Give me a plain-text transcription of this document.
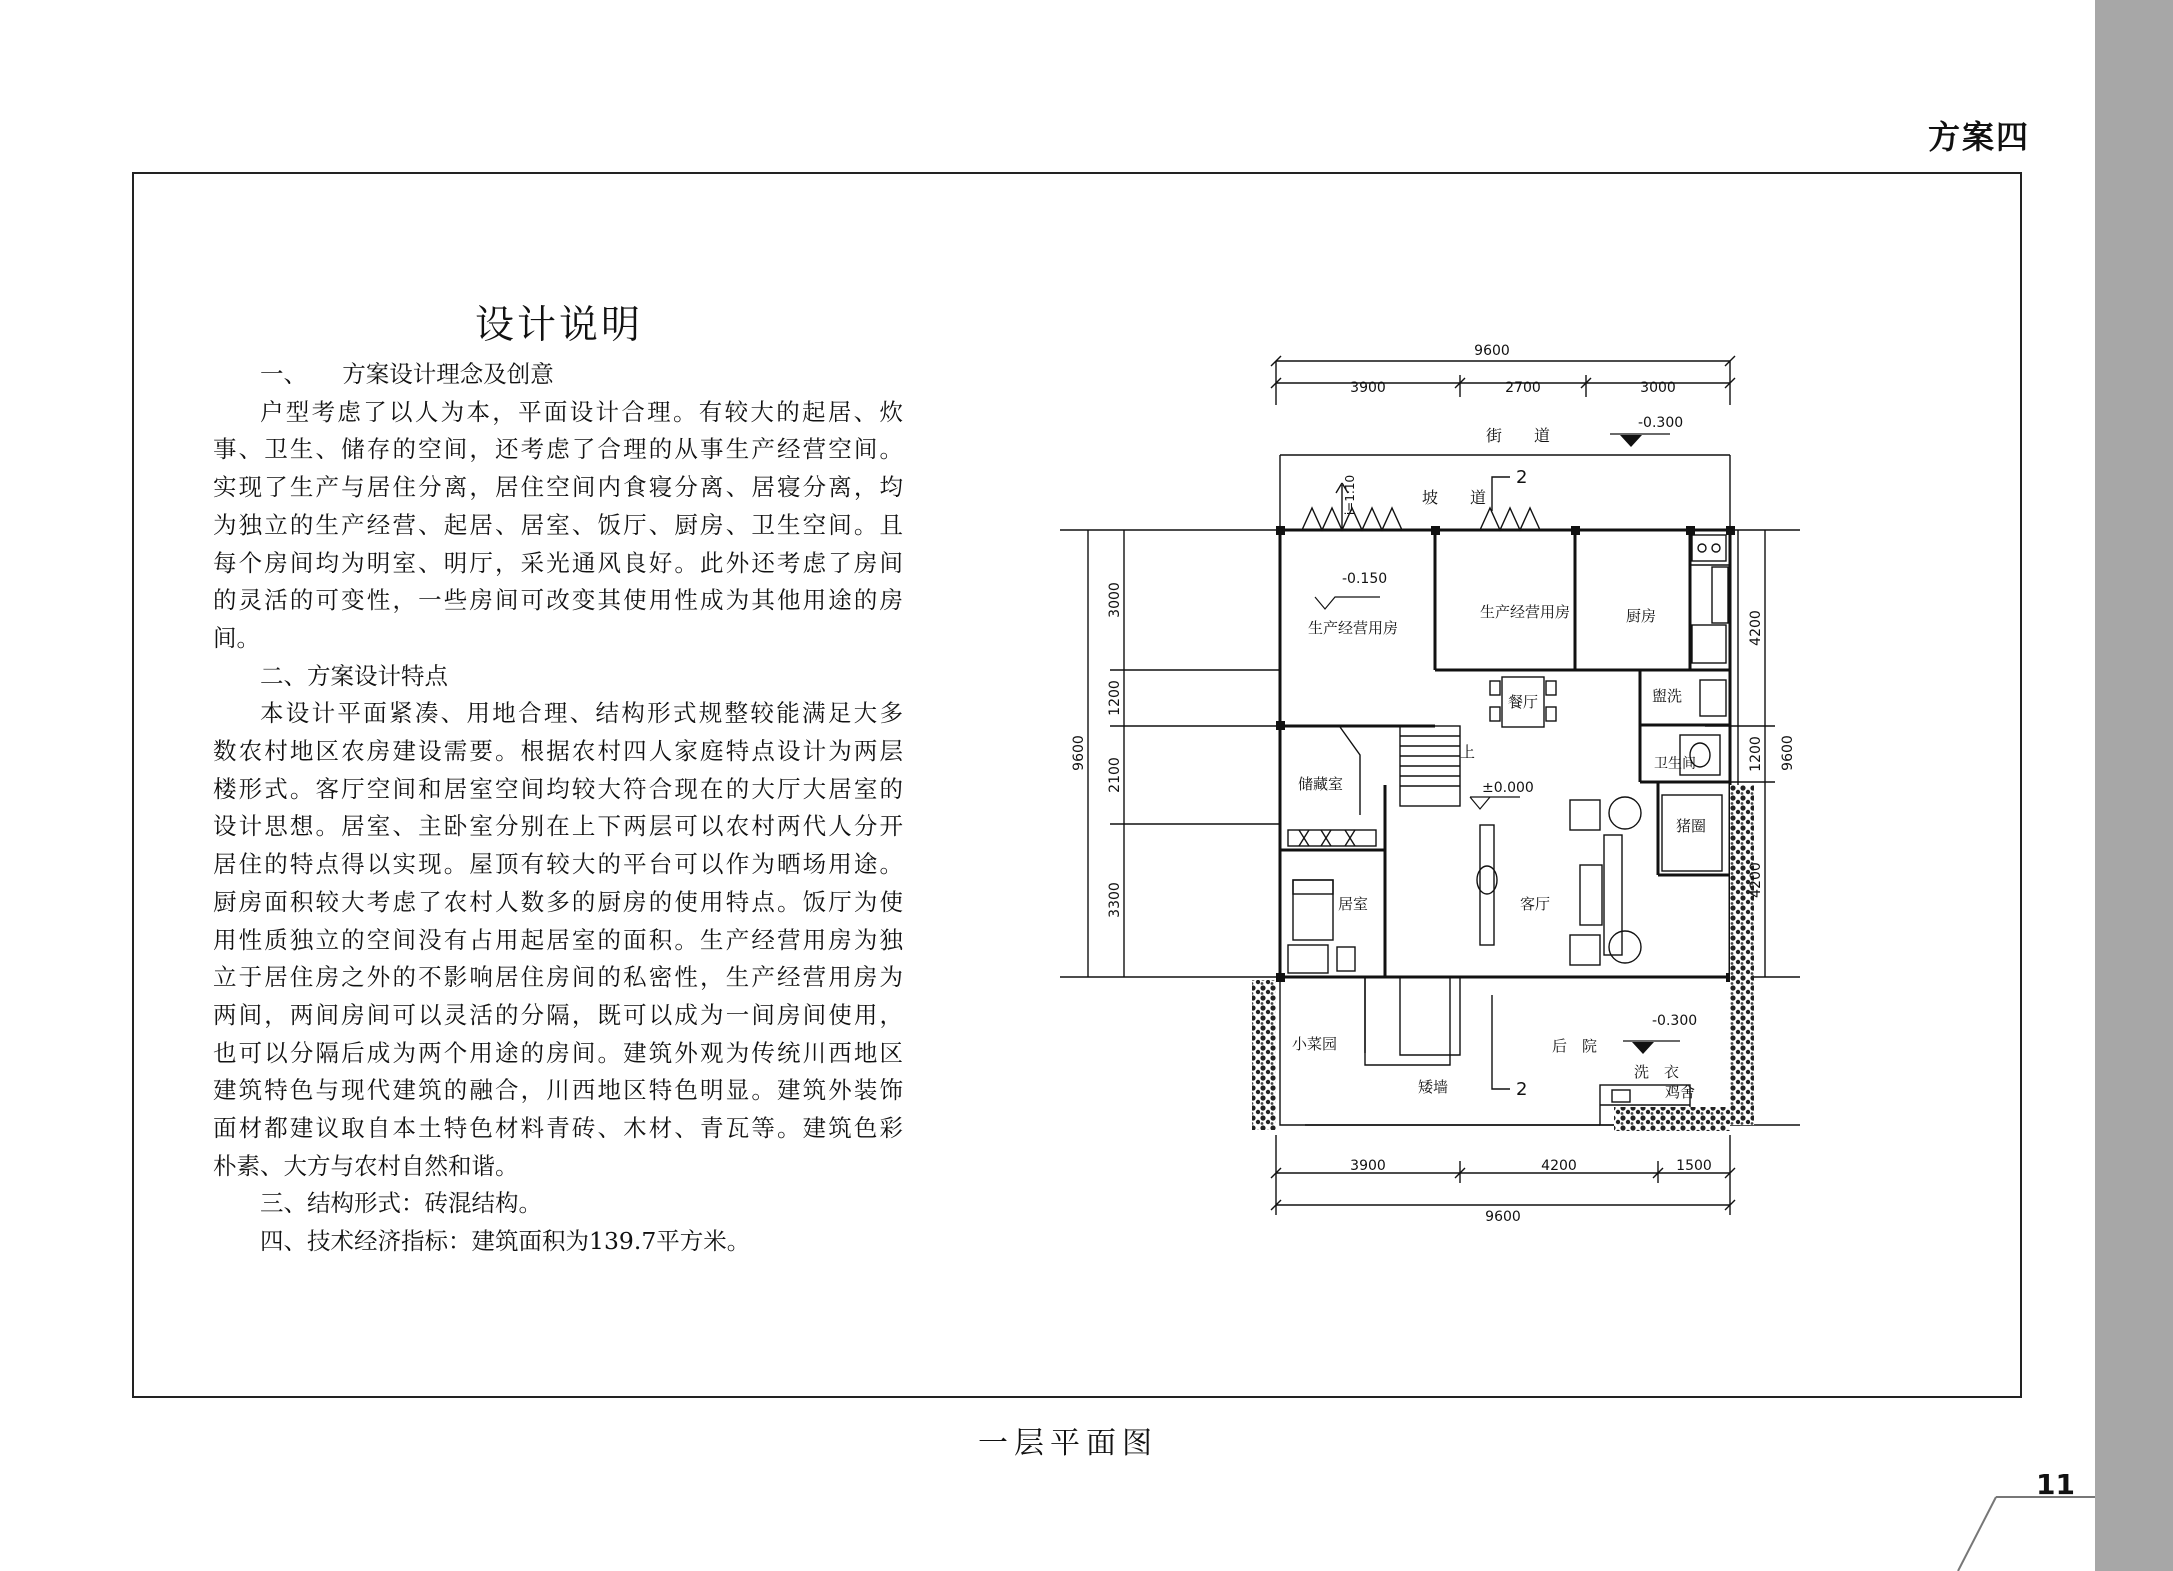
方案四
设计说明

一、　　方案设计理念及创意

户型考虑了以人为本，平面设计合理。有较大的起居、炊

事、卫生、储存的空间，还考虑了合理的从事生产经营空间。

实现了生产与居住分离，居住空间内食寝分离、居寝分离，均

为独立的生产经营、起居、居室、饭厅、厨房、卫生空间。且

每个房间均为明室、明厅，采光通风良好。此外还考虑了房间

的灵活的可变性，一些房间可改变其使用性成为其他用途的房

间。

二、方案设计特点

本设计平面紧凑、用地合理、结构形式规整较能满足大多

数农村地区农房建设需要。根据农村四人家庭特点设计为两层

楼形式。客厅空间和居室空间均较大符合现在的大厅大居室的

设计思想。居室、主卧室分别在上下两层可以农村两代人分开

居住的特点得以实现。屋顶有较大的平台可以作为晒场用途。

厨房面积较大考虑了农村人数多的厨房的使用特点。饭厅为使

用性质独立的空间没有占用起居室的面积。生产经营用房为独

立于居住房之外的不影响居住房间的私密性，生产经营用房为

两间，两间房间可以灵活的分隔，既可以成为一间房间使用，

也可以分隔后成为两个用途的房间。建筑外观为传统川西地区

建筑特色与现代建筑的融合，川西地区特色明显。建筑外装饰

面材都建议取自本土特色材料青砖、木材、青瓦等。建筑色彩

朴素、大方与农村自然和谐。

三、结构形式：砖混结构。

四、技术经济指标：建筑面积为139.7平方米。

9600
3900	2700	3000
3900	4200	1500
9600
3000
1200
2100
3300
9600
4200
1200
4200
9600
i=1:10
街　　道
坡　　道
2
2
-0.300
-0.150
±0.000
-0.300
生产经营用房
生产经营用房	厨房
盥洗
餐厅
卫生间
储藏室
上
猪圈
客厅
居室
小菜园	后　院
洗　衣
鸡舍
矮墙
一层平面图
11
